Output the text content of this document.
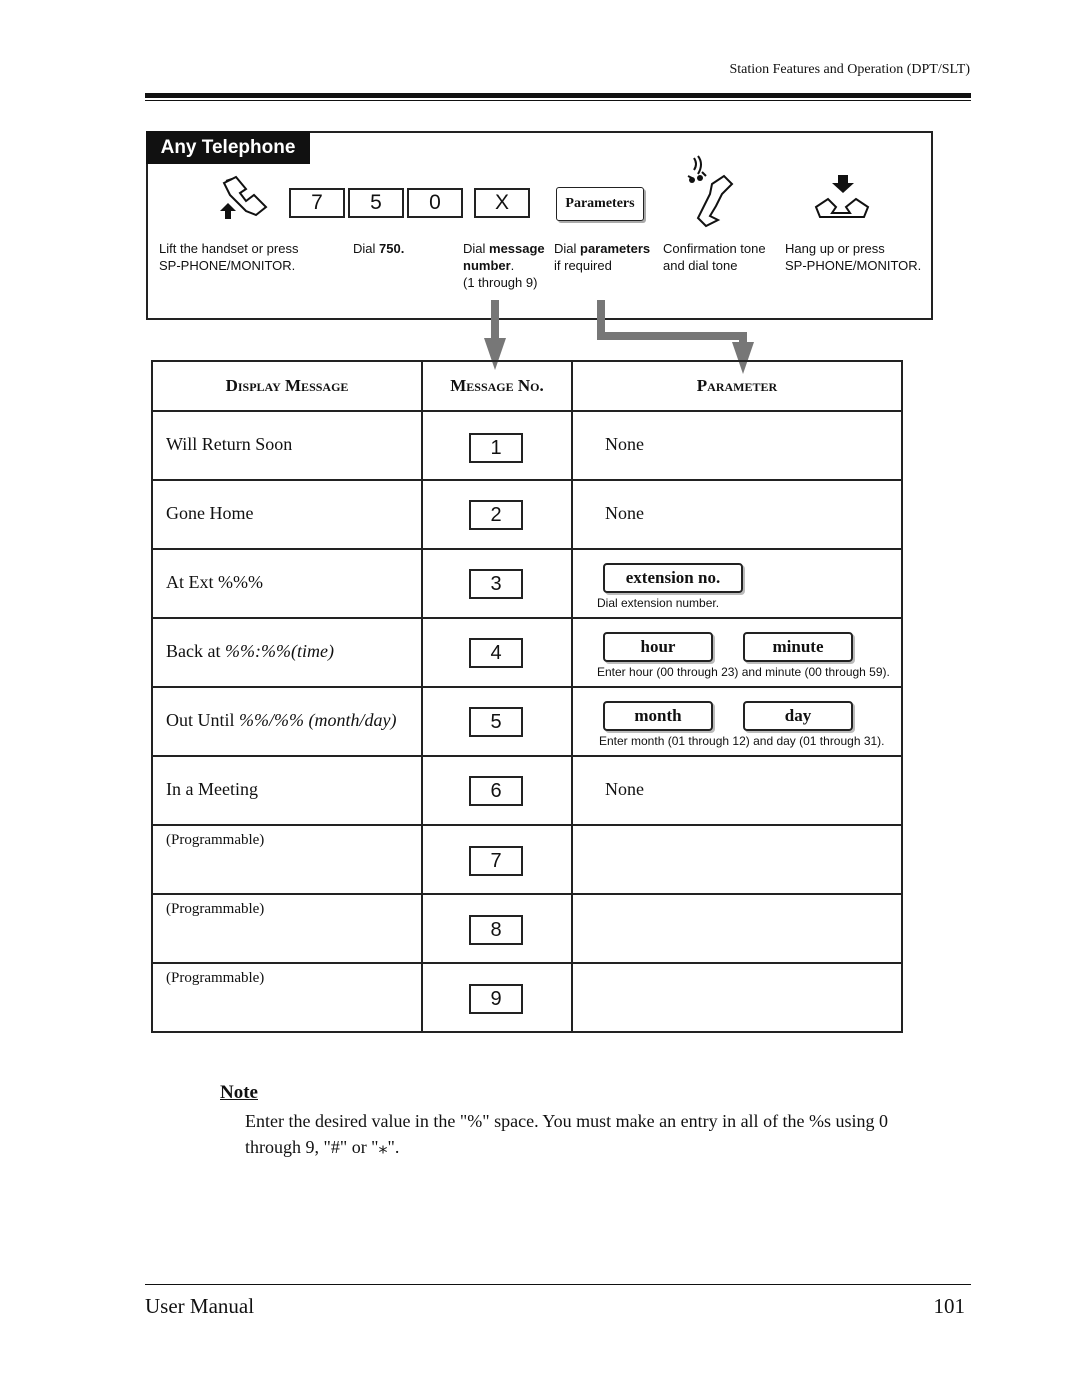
Station Features and Operation (DPT/SLT)
Any Telephone
7	5	0	X	Parameters
Lift the handset or press
SP-PHONE/MONITOR.
Dial 750.	Dial message
number.
(1 through 9)
Dial parameters
if required
Confirmation tone
and dial tone
Hang up or press
SP-PHONE/MONITOR.
Display Message	Message No.	Parameter

Will Return Soon	1	None

Gone Home	2	None

At Ext %%%	3	extension no.
Dial extension number.

Back at %%:%%(time)	4	hour minute
Enter hour (00 through 23) and minute (00 through 59).

Out Until %%/%% (month/day)	5	month day
Enter month (01 through 12) and day (01 through 31).

In a Meeting	6	None

(Programmable)	7	

(Programmable)	8	

(Programmable)	9	

Note
Enter the desired value in the "%" space. You must make an entry in all of the %s using 0 through 9, "#" or "⁎".
User Manual	101
